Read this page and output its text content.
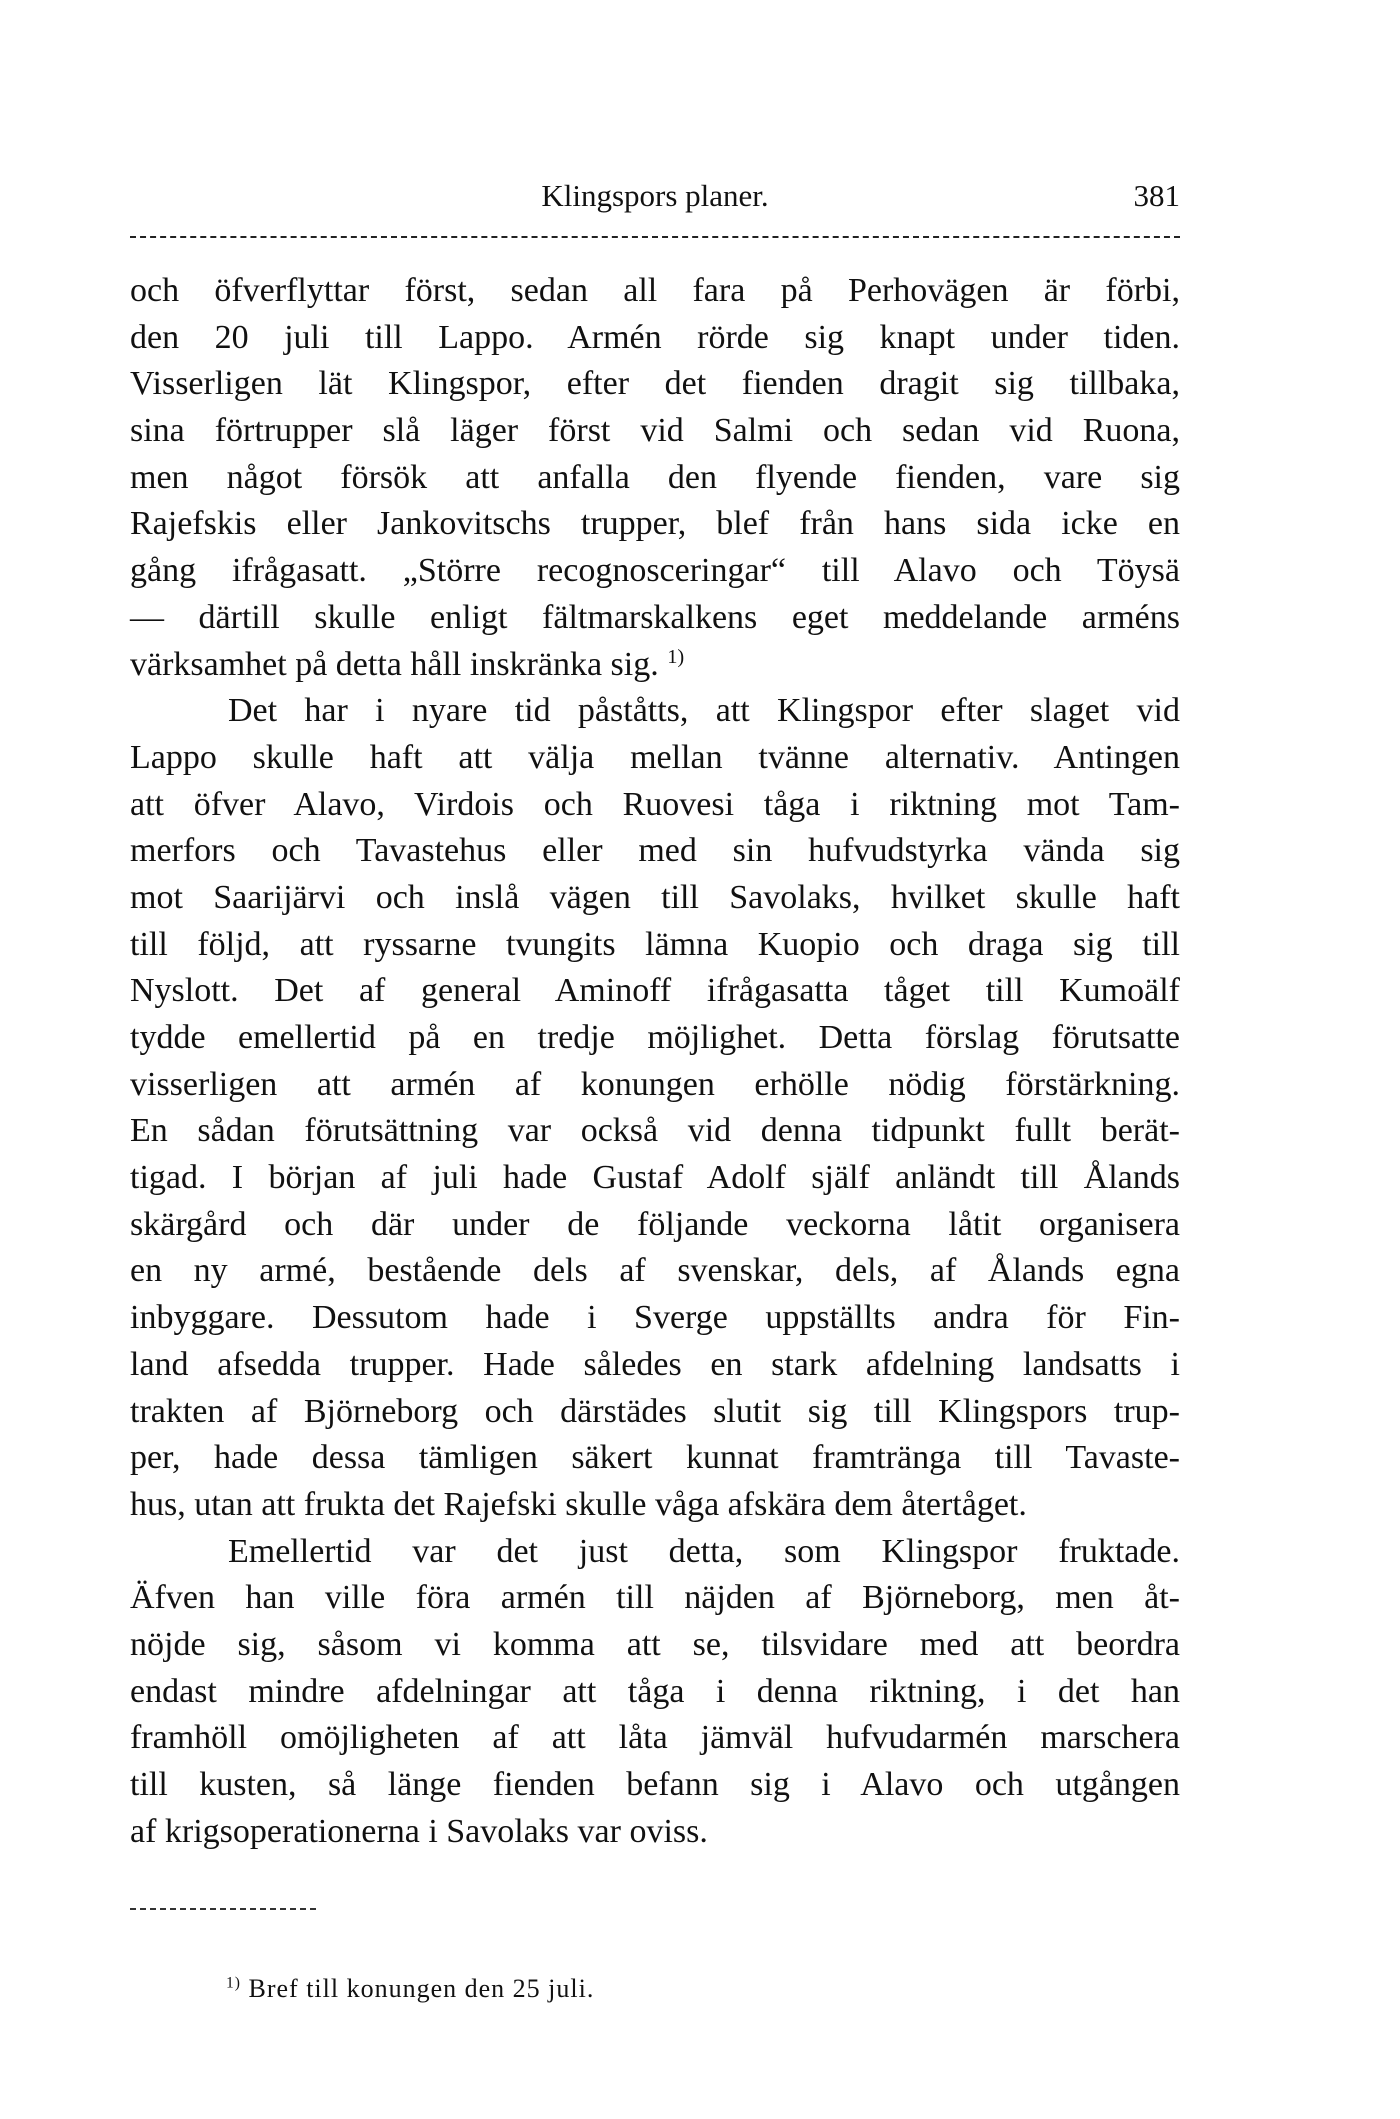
Klingspors planer.	381
och öfverflyttar först, sedan all fara på Perhovägen är förbi,
den 20 juli till Lappo. Armén rörde sig knapt under tiden.
Visserligen lät Klingspor, efter det fienden dragit sig tillbaka,
sina förtrupper slå läger först vid Salmi och sedan vid Ruona,
men något försök att anfalla den flyende fienden, vare sig
Rajefskis eller Jankovitschs trupper, blef från hans sida icke en
gång ifrågasatt. „Större recognosceringar“ till Alavo och Töysä
— därtill skulle enligt fältmarskalkens eget meddelande arméns
värksamhet på detta håll inskränka sig. $^{1)}$
Det har i nyare tid påståtts, att Klingspor efter slaget vid
Lappo skulle haft att välja mellan tvänne alternativ. Antingen
att öfver Alavo, Virdois och Ruovesi tåga i riktning mot Tam-
merfors och Tavastehus eller med sin hufvudstyrka vända sig
mot Saarijärvi och inslå vägen till Savolaks, hvilket skulle haft
till följd, att ryssarne tvungits lämna Kuopio och draga sig till
Nyslott. Det af general Aminoff ifrågasatta tåget till Kumoälf
tydde emellertid på en tredje möjlighet. Detta förslag förutsatte
visserligen att armén af konungen erhölle nödig förstärkning.
En sådan förutsättning var också vid denna tidpunkt fullt berät-
tigad. I början af juli hade Gustaf Adolf själf anländt till Ålands
skärgård och där under de följande veckorna låtit organisera
en ny armé, bestående dels af svenskar, dels, af Ålands egna
inbyggare. Dessutom hade i Sverge uppställts andra för Fin-
land afsedda trupper. Hade således en stark afdelning landsatts i
trakten af Björneborg och därstädes slutit sig till Klingspors trup-
per, hade dessa tämligen säkert kunnat framtränga till Tavaste-
hus, utan att frukta det Rajefski skulle våga afskära dem återtåget.
Emellertid var det just detta, som Klingspor fruktade.
Äfven han ville föra armén till näjden af Björneborg, men åt-
nöjde sig, såsom vi komma att se, tilsvidare med att beordra
endast mindre afdelningar att tåga i denna riktning, i det han
framhöll omöjligheten af att låta jämväl hufvudarmén marschera
till kusten, så länge fienden befann sig i Alavo och utgången
af krigsoperationerna i Savolaks var oviss.
$^{1)}$ Bref till konungen den 25 juli.
